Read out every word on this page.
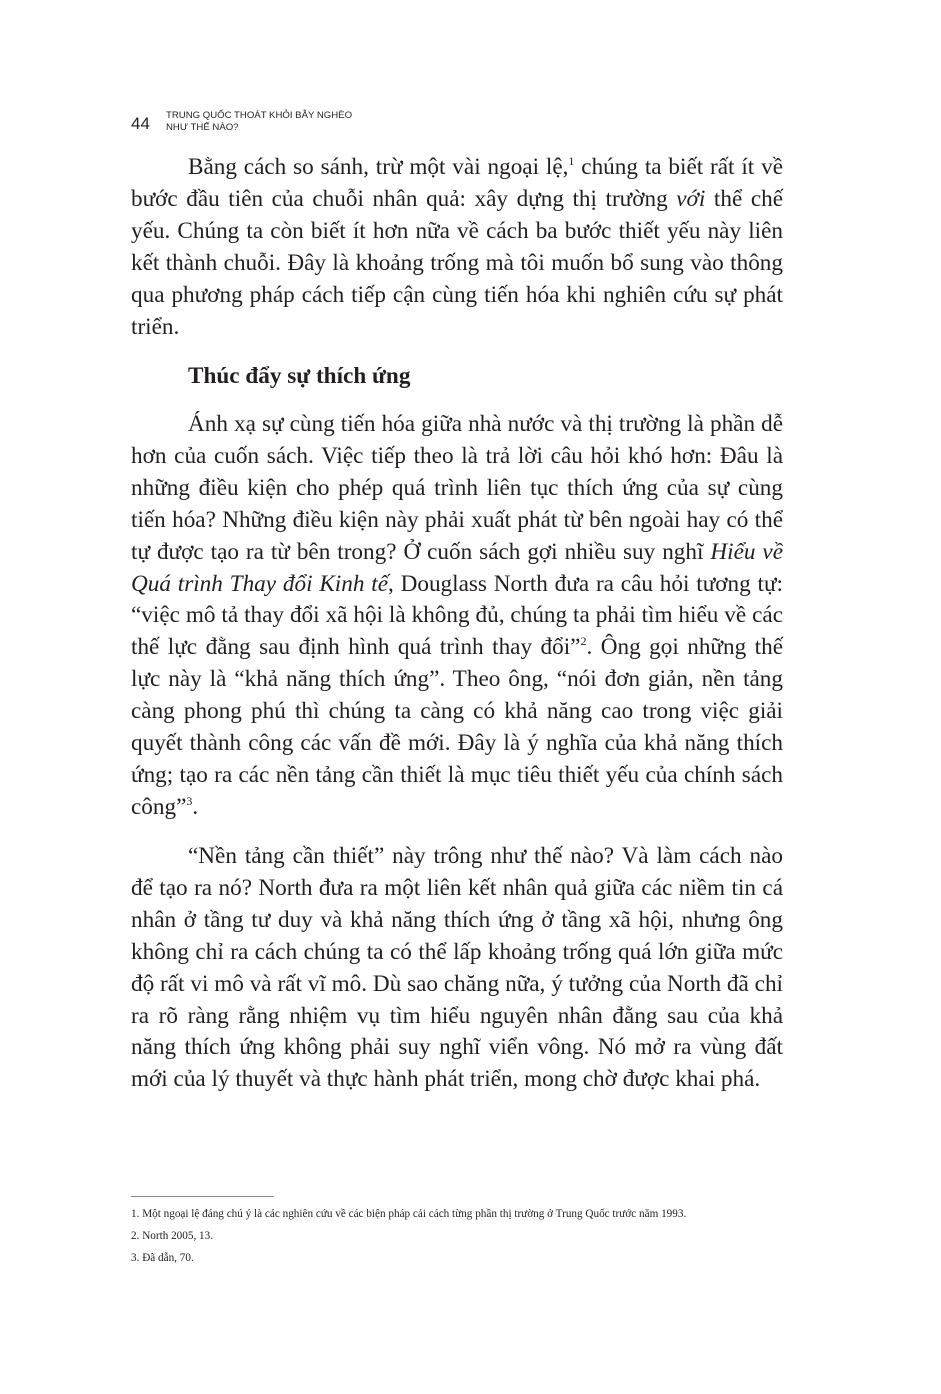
44 TRUNG QUỐC THOÁT KHỎI BẪY NGHÈO
NHƯ THẾ NÀO?

Bằng cách so sánh, trừ một vài ngoại lệ,$^1$ chúng ta biết rất ít về bước đầu tiên của chuỗi nhân quả: xây dựng thị trường với thể chế yếu. Chúng ta còn biết ít hơn nữa về cách ba bước thiết yếu này liên kết thành chuỗi. Đây là khoảng trống mà tôi muốn bổ sung vào thông qua phương pháp cách tiếp cận cùng tiến hóa khi nghiên cứu sự phát triển.

Thúc đẩy sự thích ứng

Ánh xạ sự cùng tiến hóa giữa nhà nước và thị trường là phần dễ hơn của cuốn sách. Việc tiếp theo là trả lời câu hỏi khó hơn: Đâu là những điều kiện cho phép quá trình liên tục thích ứng của sự cùng tiến hóa? Những điều kiện này phải xuất phát từ bên ngoài hay có thể tự được tạo ra từ bên trong? Ở cuốn sách gợi nhiều suy nghĩ Hiểu về Quá trình Thay đổi Kinh tế, Douglass North đưa ra câu hỏi tương tự: “việc mô tả thay đổi xã hội là không đủ, chúng ta phải tìm hiểu về các thế lực đằng sau định hình quá trình thay đổi”$^2$. Ông gọi những thế lực này là “khả năng thích ứng”. Theo ông, “nói đơn giản, nền tảng càng phong phú thì chúng ta càng có khả năng cao trong việc giải quyết thành công các vấn đề mới. Đây là ý nghĩa của khả năng thích ứng; tạo ra các nền tảng cần thiết là mục tiêu thiết yếu của chính sách công”$^3$.

“Nền tảng cần thiết” này trông như thế nào? Và làm cách nào để tạo ra nó? North đưa ra một liên kết nhân quả giữa các niềm tin cá nhân ở tầng tư duy và khả năng thích ứng ở tầng xã hội, nhưng ông không chỉ ra cách chúng ta có thể lấp khoảng trống quá lớn giữa mức độ rất vi mô và rất vĩ mô. Dù sao chăng nữa, ý tưởng của North đã chỉ ra rõ ràng rằng nhiệm vụ tìm hiểu nguyên nhân đằng sau của khả năng thích ứng không phải suy nghĩ viển vông. Nó mở ra vùng đất mới của lý thuyết và thực hành phát triển, mong chờ được khai phá.

1. Một ngoại lệ đáng chú ý là các nghiên cứu về các biện pháp cải cách từng phần thị trường ở Trung Quốc trước năm 1993.

2. North 2005, 13.

3. Đã dẫn, 70.
